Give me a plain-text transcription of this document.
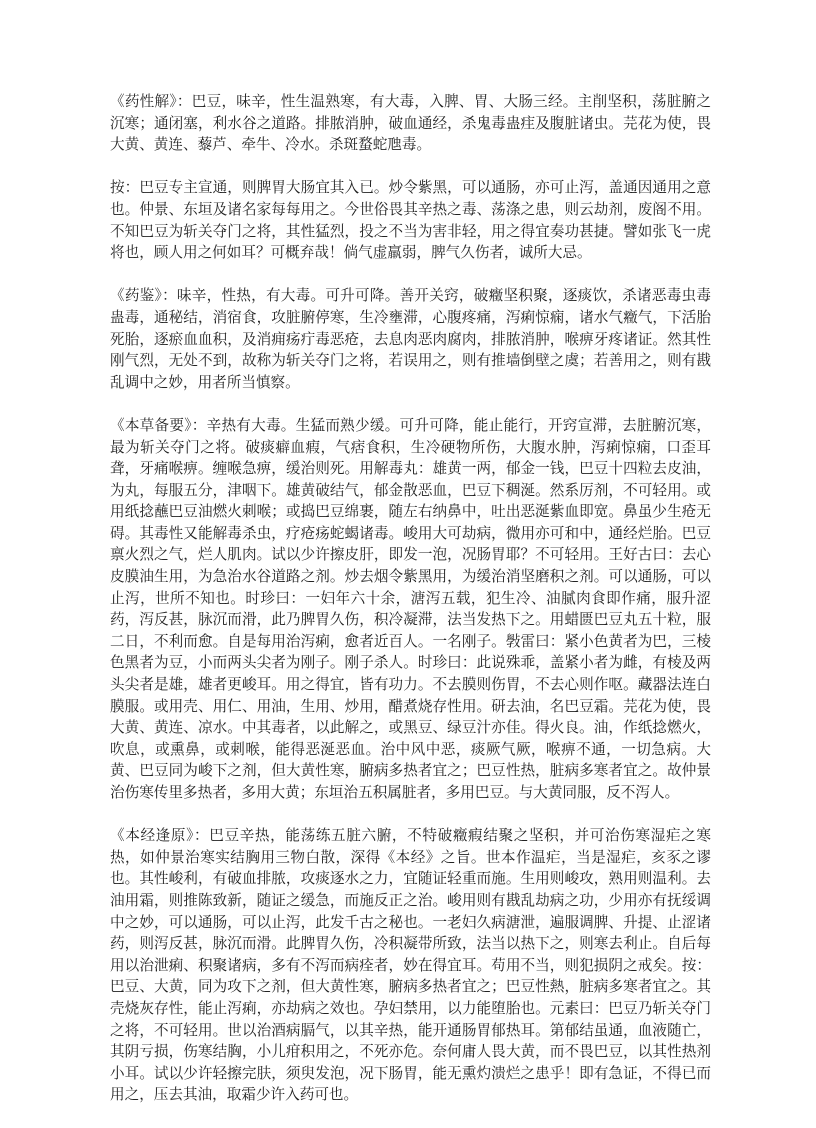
《药性解》：巴豆，味辛，性生温熟寒，有大毒，入脾、胃、大肠三经。主削坚积，荡脏腑之沉寒；通闭塞，利水谷之道路。排脓消肿，破血通经，杀鬼毒蛊疰及腹脏诸虫。芫花为使，畏大黄、黄连、藜芦、牵牛、冷水。杀斑蝥蛇虺毒。

按：巴豆专主宣通，则脾胃大肠宜其入已。炒令紫黑，可以通肠，亦可止泻，盖通因通用之意也。仲景、东垣及诸名家每每用之。今世俗畏其辛热之毒、荡涤之患，则云劫剂，废阁不用。不知巴豆为斩关夺门之将，其性猛烈，投之不当为害非轻，用之得宜奏功甚捷。譬如张飞一虎将也，顾人用之何如耳？可概弃哉！倘气虚羸弱，脾气久伤者，诚所大忌。

《药鉴》：味辛，性热，有大毒。可升可降。善开关窍，破癥坚积聚，逐痰饮，杀诸恶毒虫毒蛊毒，通秘结，消宿食，攻脏腑停寒，生冷壅滞，心腹疼痛，泻痢惊痫，诸水气癥气，下活胎死胎，逐瘀血血积，及消痈疡疔毒恶疮，去息肉恶肉腐肉，排脓消肿，喉痹牙疼诸证。然其性刚气烈，无处不到，故称为斩关夺门之将，若误用之，则有推墙倒壁之虞；若善用之，则有戡乱调中之妙，用者所当慎察。

《本草备要》：辛热有大毒。生猛而熟少缓。可升可降，能止能行，开窍宣滞，去脏腑沉寒，最为斩关夺门之将。破痰癖血瘕，气痞食积，生冷硬物所伤，大腹水肿，泻痢惊痫，口歪耳聋，牙痛喉痹。缠喉急痹，缓治则死。用解毒丸：雄黄一两，郁金一钱，巴豆十四粒去皮油，为丸，每服五分，津咽下。雄黄破结气，郁金散恶血，巴豆下稠涎。然系厉剂，不可轻用。或用纸捻蘸巴豆油燃火刺喉；或捣巴豆绵裹，随左右纳鼻中，吐出恶涎紫血即宽。鼻虽少生疮无碍。其毒性又能解毒杀虫，疗疮疡蛇蝎诸毒。峻用大可劫病，微用亦可和中，通经烂胎。巴豆禀火烈之气，烂人肌肉。试以少许擦皮肝，即发一泡，况肠胃耶？不可轻用。王好古曰：去心皮膜油生用，为急治水谷道路之剂。炒去烟令紫黑用，为缓治消坚磨积之剂。可以通肠，可以止泻，世所不知也。时珍曰：一妇年六十余，溏泻五载，犯生冷、油腻肉食即作痛，服升涩药，泻反甚，脉沉而滑，此乃脾胃久伤，积冷凝滞，法当发热下之。用蜡匮巴豆丸五十粒，服二日，不利而愈。自是每用治泻痢，愈者近百人。一名刚子。斅雷曰：紧小色黄者为巴，三棱色黑者为豆，小而两头尖者为刚子。刚子杀人。时珍曰：此说殊乖，盖紧小者为雌，有棱及两头尖者是雄，雄者更峻耳。用之得宜，皆有功力。不去膜则伤胃，不去心则作呕。藏器法连白膜服。或用壳、用仁、用油，生用、炒用，醋煮烧存性用。研去油，名巴豆霜。芫花为使，畏大黄、黄连、凉水。中其毒者，以此解之，或黑豆、绿豆汁亦佳。得火良。油，作纸捻燃火，吹息，或熏鼻，或刺喉，能得恶涎恶血。治中风中恶，痰厥气厥，喉痹不通，一切急病。大黄、巴豆同为峻下之剂，但大黄性寒，腑病多热者宜之；巴豆性热，脏病多寒者宜之。故仲景治伤寒传里多热者，多用大黄；东垣治五积属脏者，多用巴豆。与大黄同服，反不泻人。

《本经逢原》：巴豆辛热，能荡练五脏六腑，不特破癥瘕结聚之坚积，并可治伤寒湿疟之寒热，如仲景治寒实结胸用三物白散，深得《本经》之旨。世本作温疟，当是湿疟，亥豕之谬也。其性峻利，有破血排脓，攻痰逐水之力，宜随证轻重而施。生用则峻攻，熟用则温利。去油用霜，则推陈致新，随证之缓急，而施反正之治。峻用则有戡乱劫病之功，少用亦有抚绥调中之妙，可以通肠，可以止泻，此发千古之秘也。一老妇久病溏泄，遍服调脾、升提、止涩诸药，则泻反甚，脉沉而滑。此脾胃久伤，冷积凝带所致，法当以热下之，则寒去利止。自后每用以治泄痢、积聚诸病，多有不泻而病痊者，妙在得宜耳。苟用不当，则犯损阴之戒矣。按：巴豆、大黄，同为攻下之剂，但大黄性寒，腑病多热者宜之；巴豆性熱，脏病多寒者宜之。其壳烧灰存性，能止泻痢，亦劫病之效也。孕妇禁用，以力能堕胎也。元素曰：巴豆乃斩关夺门之将，不可轻用。世以治酒病膈气，以其辛热，能开通肠胃郁热耳。第郁结虽通，血液随亡，其阴亏损，伤寒结胸，小儿疳积用之，不死亦危。奈何庸人畏大黄，而不畏巴豆，以其性热剂小耳。试以少许轻擦完肤，须臾发泡，况下肠胃，能无熏灼溃烂之患乎！即有急证，不得已而用之，压去其油，取霜少许入药可也。
